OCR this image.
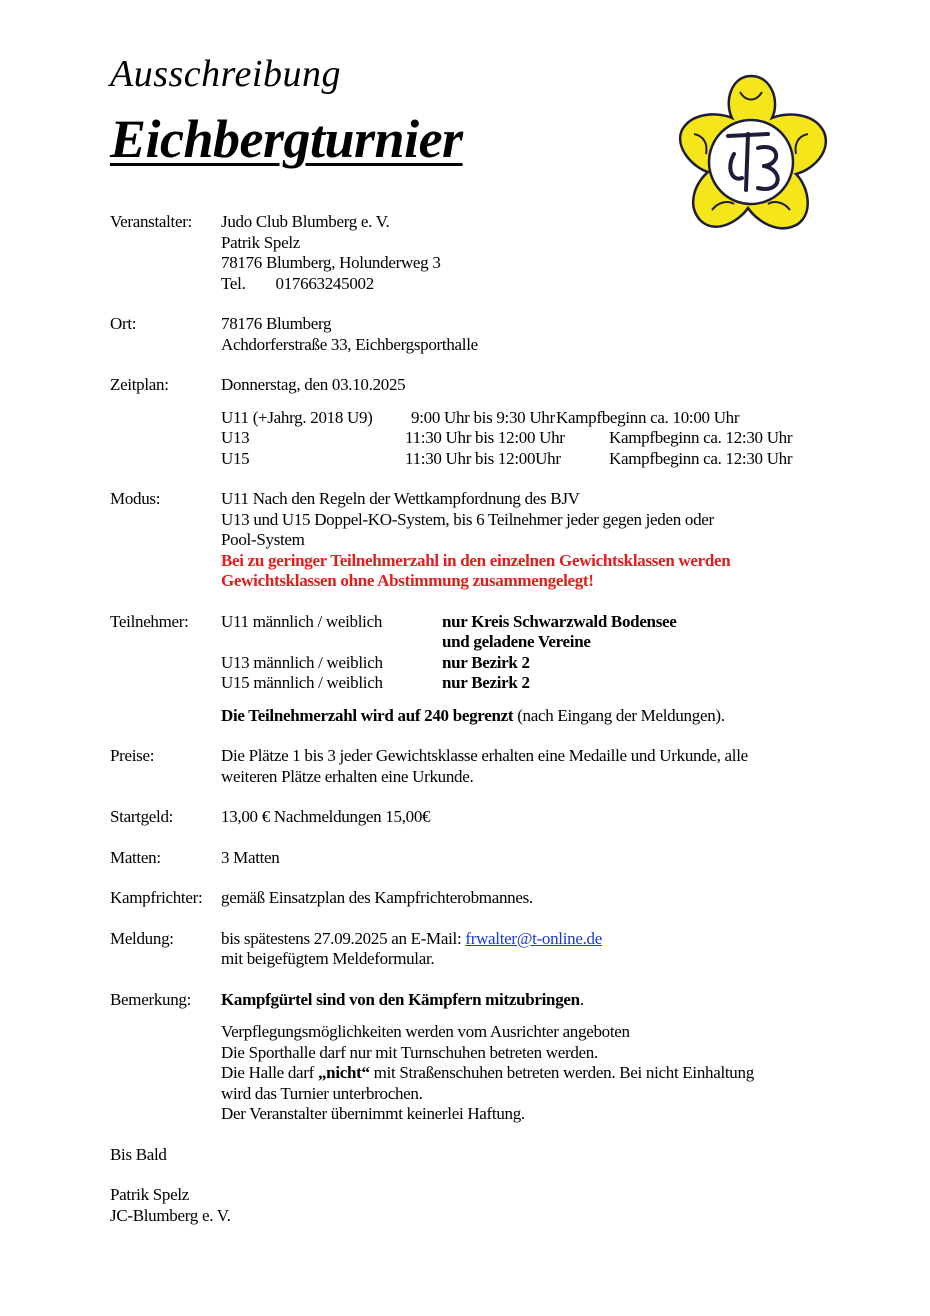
Ausschreibung
Eichbergturnier
Veranstalter:	Judo Club Blumberg e. V.
Patrik Spelz
78176 Blumberg, Holunderweg 3
Tel. 017663245002
Ort:	78176 Blumberg
Achdorferstraße 33, Eichbergsporthalle
Zeitplan:	Donnerstag, den 03.10.2025
U11 (+Jahrg. 2018 U9) 9:00 Uhr bis 9:30 Uhr Kampfbeginn ca. 10:00 Uhr
U13	11:30 Uhr bis 12:00 Uhr	Kampfbeginn ca. 12:30 Uhr
U15	11:30 Uhr bis 12:00Uhr	Kampfbeginn ca. 12:30 Uhr
Modus:	U11 Nach den Regeln der Wettkampfordnung des BJV
U13 und U15 Doppel-KO-System, bis 6 Teilnehmer jeder gegen jeden oder
Pool-System
Bei zu geringer Teilnehmerzahl in den einzelnen Gewichtsklassen werden
Gewichtsklassen ohne Abstimmung zusammengelegt!
Teilnehmer:	U11 männlich / weiblich	nur Kreis Schwarzwald Bodensee
und geladene Vereine
U13 männlich / weiblich	nur Bezirk 2
U15 männlich / weiblich	nur Bezirk 2
Die Teilnehmerzahl wird auf 240 begrenzt (nach Eingang der Meldungen).
Preise:	Die Plätze 1 bis 3 jeder Gewichtsklasse erhalten eine Medaille und Urkunde, alle
weiteren Plätze erhalten eine Urkunde.
Startgeld:	13,00 € Nachmeldungen 15,00€
Matten:	3 Matten
Kampfrichter:	gemäß Einsatzplan des Kampfrichterobmannes.
Meldung:	bis spätestens 27.09.2025 an E-Mail: frwalter@t-online.de
mit beigefügtem Meldeformular.
Bemerkung:	Kampfgürtel sind von den Kämpfern mitzubringen.
Verpflegungsmöglichkeiten werden vom Ausrichter angeboten
Die Sporthalle darf nur mit Turnschuhen betreten werden.
Die Halle darf „nicht“ mit Straßenschuhen betreten werden. Bei nicht Einhaltung
wird das Turnier unterbrochen.
Der Veranstalter übernimmt keinerlei Haftung.
Bis Bald
Patrik Spelz
JC-Blumberg e. V.
